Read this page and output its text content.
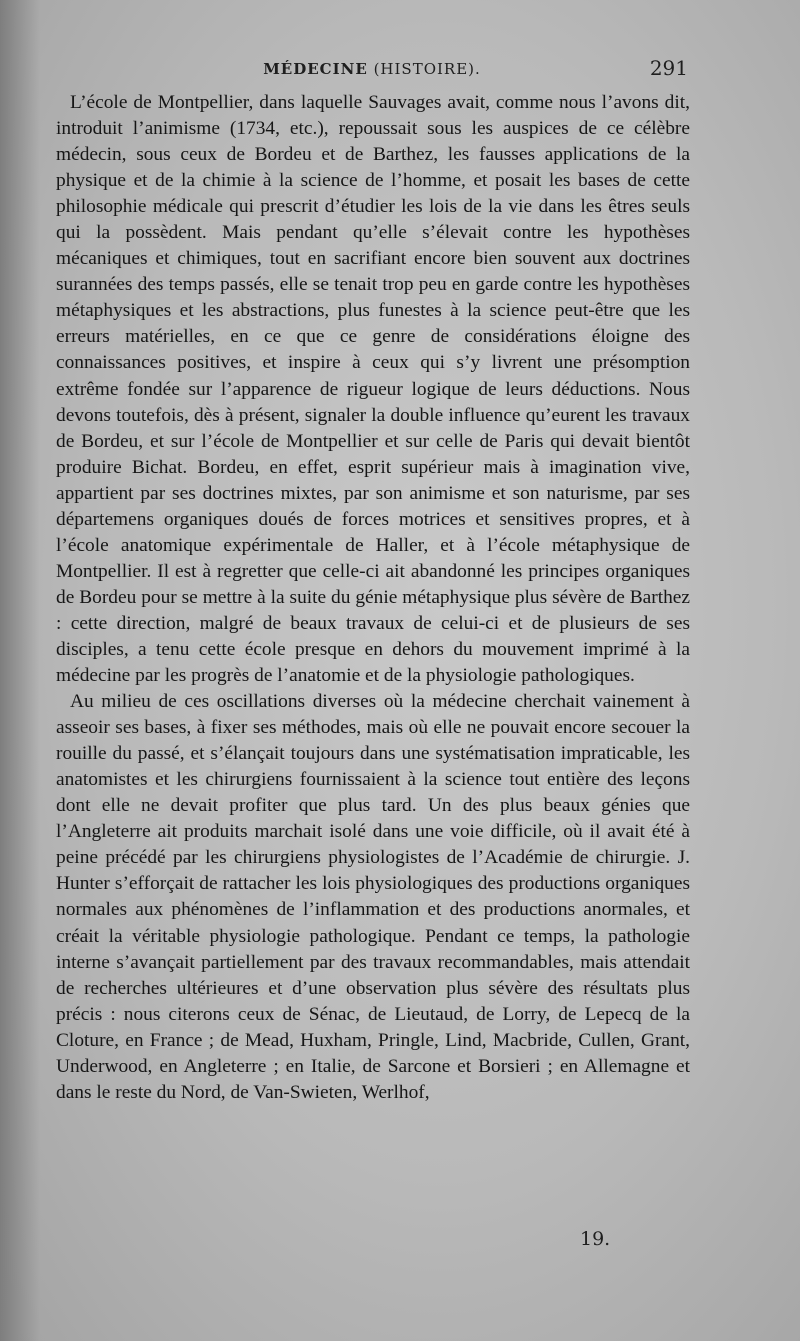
MÉDECINE (HISTOIRE).	291

L’école de Montpellier, dans laquelle Sauvages avait, comme nous l’avons dit, introduit l’animisme (1734, etc.), repoussait sous les auspices de ce célèbre médecin, sous ceux de Bordeu et de Barthez, les fausses applications de la physique et de la chimie à la science de l’homme, et posait les bases de cette philosophie médicale qui prescrit d’étudier les lois de la vie dans les êtres seuls qui la possèdent. Mais pendant qu’elle s’élevait contre les hypothèses mécaniques et chimiques, tout en sacrifiant encore bien souvent aux doctrines surannées des temps passés, elle se tenait trop peu en garde contre les hypothèses métaphysiques et les abstractions, plus funestes à la science peut-être que les erreurs matérielles, en ce que ce genre de considérations éloigne des connaissances positives, et inspire à ceux qui s’y livrent une présomption extrême fondée sur l’apparence de rigueur logique de leurs déductions. Nous devons toutefois, dès à présent, signaler la double influence qu’eurent les travaux de Bordeu, et sur l’école de Montpellier et sur celle de Paris qui devait bientôt produire Bichat. Bordeu, en effet, esprit supérieur mais à imagination vive, appartient par ses doctrines mixtes, par son animisme et son naturisme, par ses départemens organiques doués de forces motrices et sensitives propres, et à l’école anatomique expérimentale de Haller, et à l’école métaphysique de Montpellier. Il est à regretter que celle-ci ait abandonné les principes organiques de Bordeu pour se mettre à la suite du génie métaphysique plus sévère de Barthez : cette direction, malgré de beaux travaux de celui-ci et de plusieurs de ses disciples, a tenu cette école presque en dehors du mouvement imprimé à la médecine par les progrès de l’anatomie et de la physiologie pathologiques.

Au milieu de ces oscillations diverses où la médecine cherchait vainement à asseoir ses bases, à fixer ses méthodes, mais où elle ne pouvait encore secouer la rouille du passé, et s’élançait toujours dans une systématisation impraticable, les anatomistes et les chirurgiens fournissaient à la science tout entière des leçons dont elle ne devait profiter que plus tard. Un des plus beaux génies que l’Angleterre ait produits marchait isolé dans une voie difficile, où il avait été à peine précédé par les chirurgiens physiologistes de l’Académie de chirurgie. J. Hunter s’efforçait de rattacher les lois physiologiques des productions organiques normales aux phénomènes de l’inflammation et des productions anormales, et créait la véritable physiologie pathologique. Pendant ce temps, la pathologie interne s’avançait partiellement par des travaux recommandables, mais attendait de recherches ultérieures et d’une observation plus sévère des résultats plus précis : nous citerons ceux de Sénac, de Lieutaud, de Lorry, de Lepecq de la Cloture, en France ; de Mead, Huxham, Pringle, Lind, Macbride, Cullen, Grant, Underwood, en Angleterre ; en Italie, de Sarcone et Borsieri ; en Allemagne et dans le reste du Nord, de Van-Swieten, Werlhof,

19.
